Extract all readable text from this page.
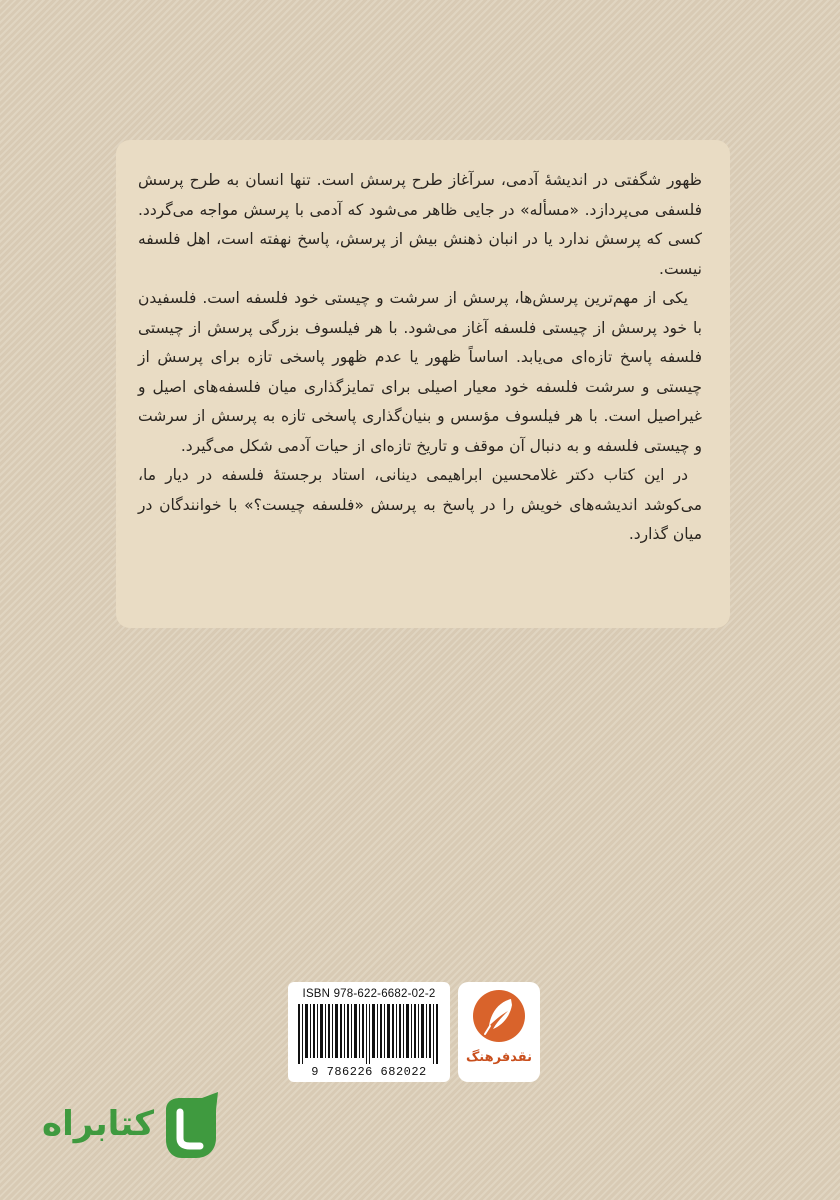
ظهور شگفتی در اندیشهٔ آدمی، سرآغاز طرح پرسش است. تنها انسان به طرح پرسش فلسفی می‌پردازد. «مسأله» در جایی ظاهر می‌شود که آدمی با پرسش مواجه می‌گردد. کسی که پرسش ندارد یا در انبان ذهنش بیش از پرسش، پاسخ نهفته است، اهل فلسفه نیست.

یکی از مهم‌ترین پرسش‌ها، پرسش از سرشت و چیستی خود فلسفه است. فلسفیدن با خود پرسش از چیستی فلسفه آغاز می‌شود. با هر فیلسوف بزرگی پرسش از چیستی فلسفه پاسخ تازه‌ای می‌یابد. اساساً ظهور یا عدم ظهور پاسخی تازه برای پرسش از چیستی و سرشت فلسفه خود معیار اصیلی برای تمایزگذاری میان فلسفه‌های اصیل و غیراصیل است. با هر فیلسوف مؤسس و بنیان‌گذاری پاسخی تازه به پرسش از سرشت و چیستی فلسفه و به دنبال آن موقف و تاریخ تازه‌ای از حیات آدمی شکل می‌گیرد.

در این کتاب دکتر غلامحسین ابراهیمی دینانی، استاد برجستهٔ فلسفه در دیار ما، می‌کوشد اندیشه‌های خویش را در پاسخ به پرسش «فلسفه چیست؟» با خوانندگان در میان گذارد.

ISBN 978-622-6682-02-2
9 786226 682022
نقدفرهنگ
کتابراه
